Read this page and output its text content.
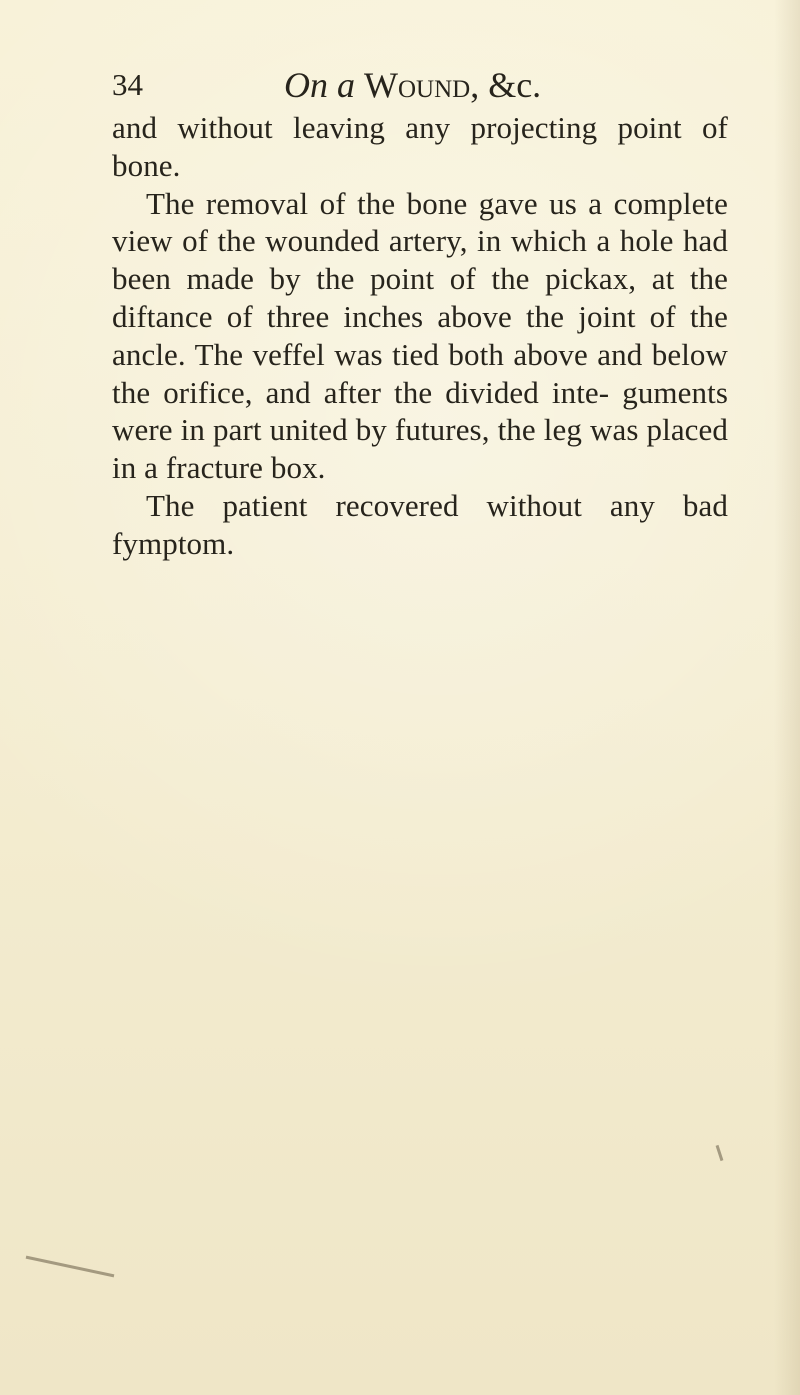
34	On a Wound, &c.

and without leaving any projecting point of bone.

The removal of the bone gave us a complete view of the wounded artery, in which a hole had been made by the point of the pickax, at the diftance of three inches above the joint of the ancle. The veffel was tied both above and below the orifice, and after the divided inte- guments were in part united by futures, the leg was placed in a fracture box.

The patient recovered without any bad fymptom.
